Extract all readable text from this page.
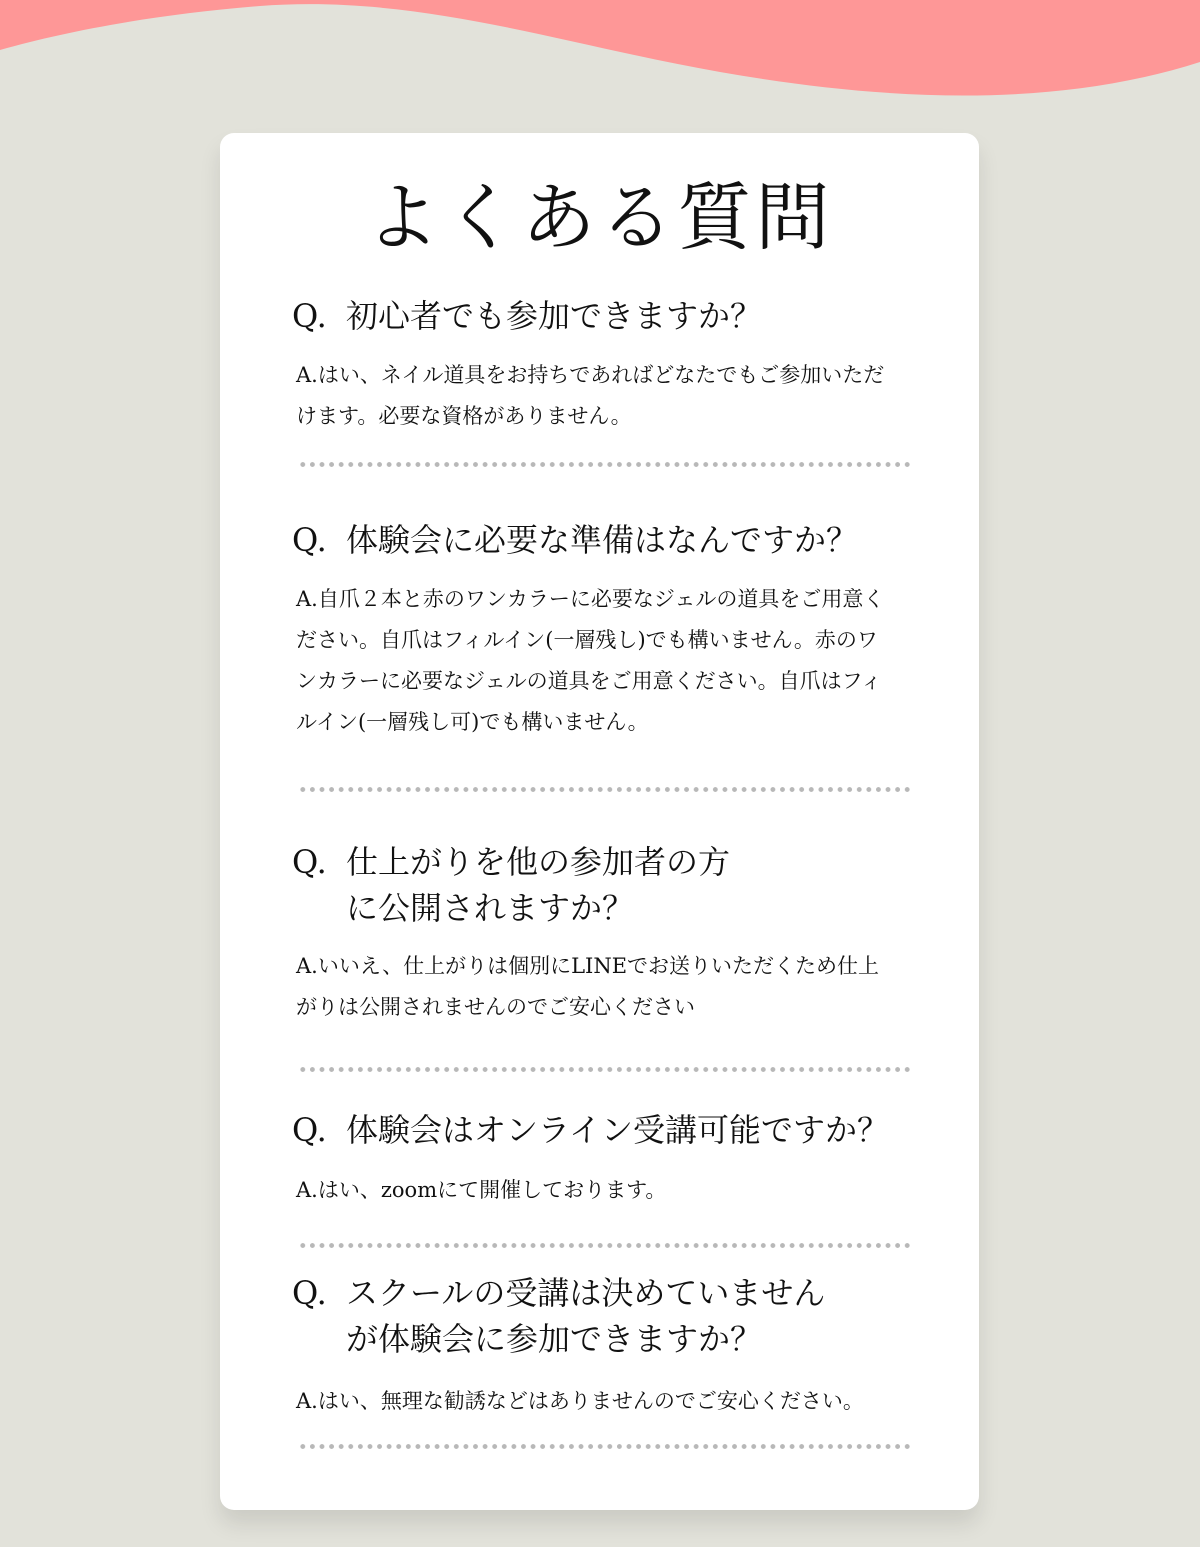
よくある質問
Q. 初心者でも参加できますか？
A.はい、ネイル道具をお持ちであればどなたでもご参加いただけます。必要な資格がありません。
Q. 体験会に必要な準備はなんですか？
A.自爪２本と赤のワンカラーに必要なジェルの道具をご用意ください。自爪はフィルイン(一層残し)でも構いません。赤のワンカラーに必要なジェルの道具をご用意ください。自爪はフィルイン(一層残し可)でも構いません。
Q. 仕上がりを他の参加者の方に公開されますか？
A.いいえ、仕上がりは個別にLINEでお送りいただくため仕上がりは公開されませんのでご安心ください
Q. 体験会はオンライン受講可能ですか？
A.はい、zoomにて開催しております。
Q. スクールの受講は決めていませんが体験会に参加できますか？
A.はい、無理な勧誘などはありませんのでご安心ください。
